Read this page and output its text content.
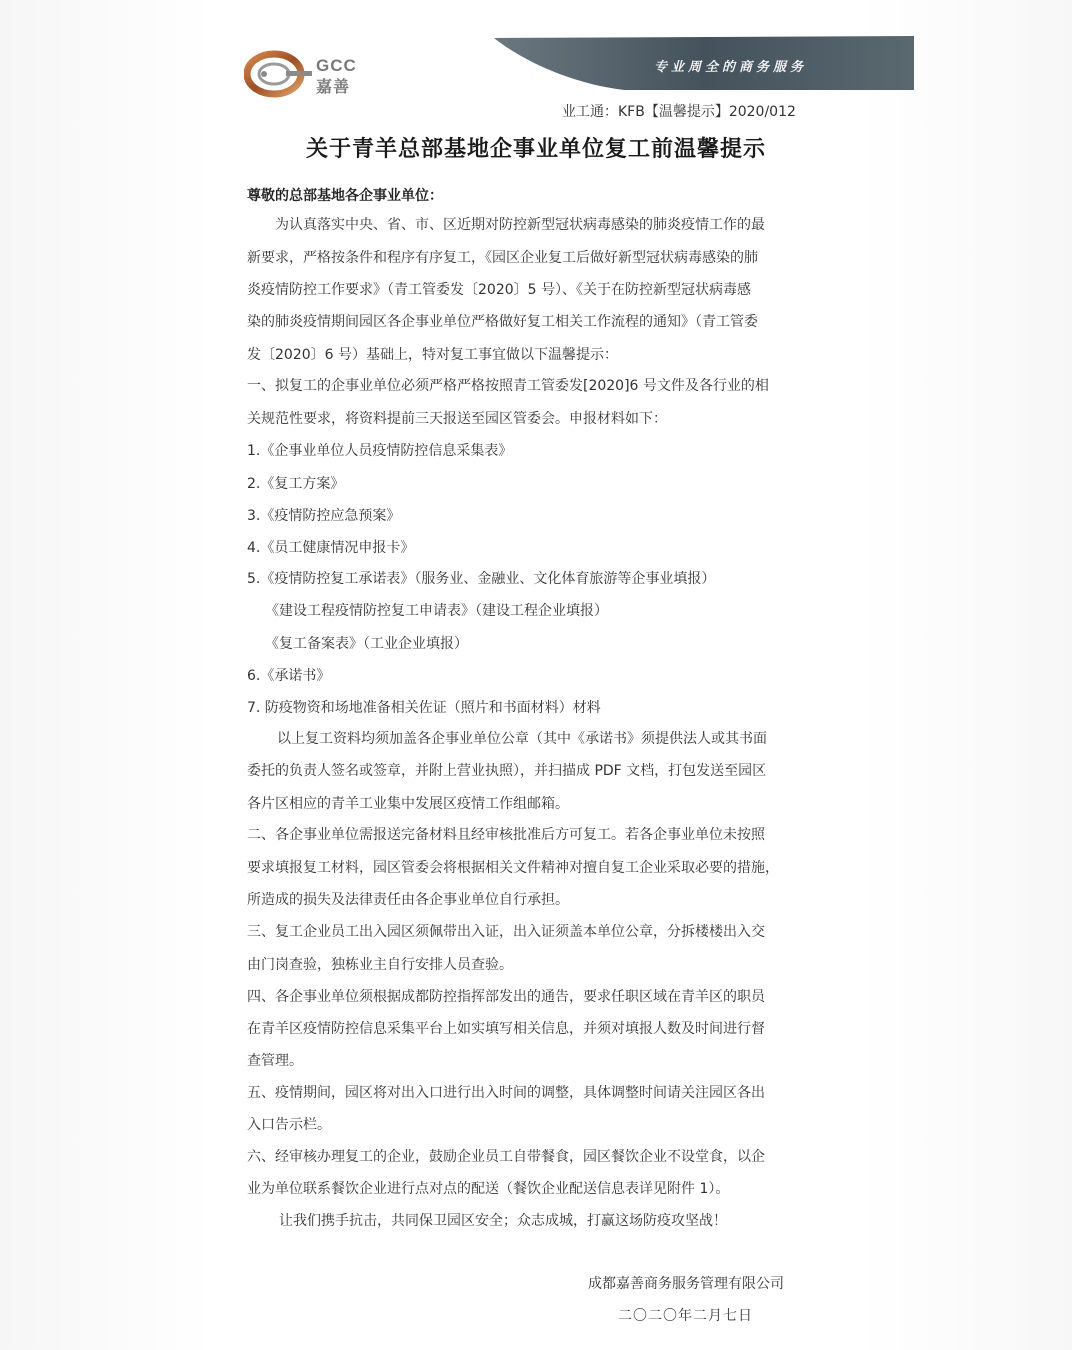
GCC
嘉善
专业周全的商务服务
业工通：KFB【温馨提示】2020/012
关于青羊总部基地企事业单位复工前温馨提示
尊敬的总部基地各企事业单位：
为认真落实中央、省、市、区近期对防控新型冠状病毒感染的肺炎疫情工作的最
新要求，严格按条件和程序有序复工，《园区企业复工后做好新型冠状病毒感染的肺
炎疫情防控工作要求》（青工管委发〔2020〕5 号）、《关于在防控新型冠状病毒感
染的肺炎疫情期间园区各企事业单位严格做好复工相关工作流程的通知》（青工管委
发〔2020〕6 号）基础上，特对复工事宜做以下温馨提示：
一、拟复工的企事业单位必须严格严格按照青工管委发[2020]6 号文件及各行业的相
关规范性要求，将资料提前三天报送至园区管委会。申报材料如下：
1.《企事业单位人员疫情防控信息采集表》
2.《复工方案》
3.《疫情防控应急预案》
4.《员工健康情况申报卡》
5.《疫情防控复工承诺表》（服务业、金融业、文化体育旅游等企事业填报）
《建设工程疫情防控复工申请表》（建设工程企业填报）
《复工备案表》（工业企业填报）
6.《承诺书》
7. 防疫物资和场地准备相关佐证（照片和书面材料）材料
以上复工资料均须加盖各企事业单位公章（其中《承诺书》须提供法人或其书面
委托的负责人签名或签章，并附上营业执照），并扫描成 PDF 文档，打包发送至园区
各片区相应的青羊工业集中发展区疫情工作组邮箱。
二、各企事业单位需报送完备材料且经审核批准后方可复工。若各企事业单位未按照
要求填报复工材料，园区管委会将根据相关文件精神对擅自复工企业采取必要的措施，
所造成的损失及法律责任由各企事业单位自行承担。
三、复工企业员工出入园区须佩带出入证，出入证须盖本单位公章，分拆楼楼出入交
由门岗查验，独栋业主自行安排人员查验。
四、各企事业单位须根据成都防控指挥部发出的通告，要求任职区域在青羊区的职员
在青羊区疫情防控信息采集平台上如实填写相关信息，并须对填报人数及时间进行督
查管理。
五、疫情期间，园区将对出入口进行出入时间的调整，具体调整时间请关注园区各出
入口告示栏。
六、经审核办理复工的企业，鼓励企业员工自带餐食，园区餐饮企业不设堂食，以企
业为单位联系餐饮企业进行点对点的配送（餐饮企业配送信息表详见附件 1）。
让我们携手抗击，共同保卫园区安全；众志成城，打赢这场防疫攻坚战！
成都嘉善商务服务管理有限公司
二〇二〇年二月七日
